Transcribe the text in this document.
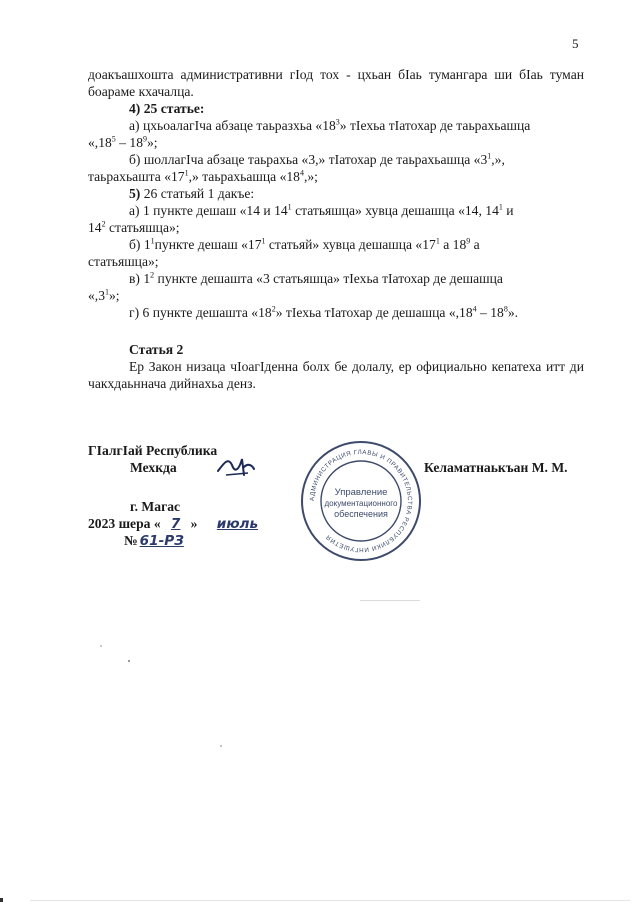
5
доакъашхошта административни гIод тох - цхьан бIаь тумангара ши бIаь туман боараме кхачалца.
4) 25 статье:
а) цхьоалагIча абзаце таьразхьа «$18^3$» тIехьа тIатохар де таьрахьашца
«$,18^5 - 18^9$»;
б) шоллагIча абзаце таьрахьа «3,» тIатохар де таьрахьашца «$3^1$,»,
таьрахьашта «$17^1$,» таьрахьашца «$18^4$,»;
5) 26 статьяй 1 дакъе:
а) 1 пункте дешаш «14 и $14^1$ статьяшца» хувца дешашца «14, $14^1$ и
$14^2$ статьяшца»;
б) $1^1пункте$ дешаш «$17^1$ статьяй» хувца дешашца «$17^1$ а $18^9$ а
статьяшца»;
в) $1^2$ пункте дешашта «3 статьяшца» тIехьа тIатохар де дешашца
«$,3^1$»;
г) 6 пункте дешашта «$18^2$» тIехьа тIатохар де дешашца «$,18^4 - 18^8$».
Статья 2
Ер Закон низаца чIоагIденна болх бе долалу, ер официально кепатеха итт ди чакхдаьннача дийнахьа денз.
ГIалгIай Республика
Мехкда	Келаматнаькъан М. М.
г. Магас
2023 шера « 7 » июль
№ 61-РЗ
АДМИНИСТРАЦИЯ ГЛАВЫ И ПРАВИТЕЛЬСТВА РЕСПУБЛИКИ ИНГУШЕТИЯ
Управление
документационного
обеспечения
